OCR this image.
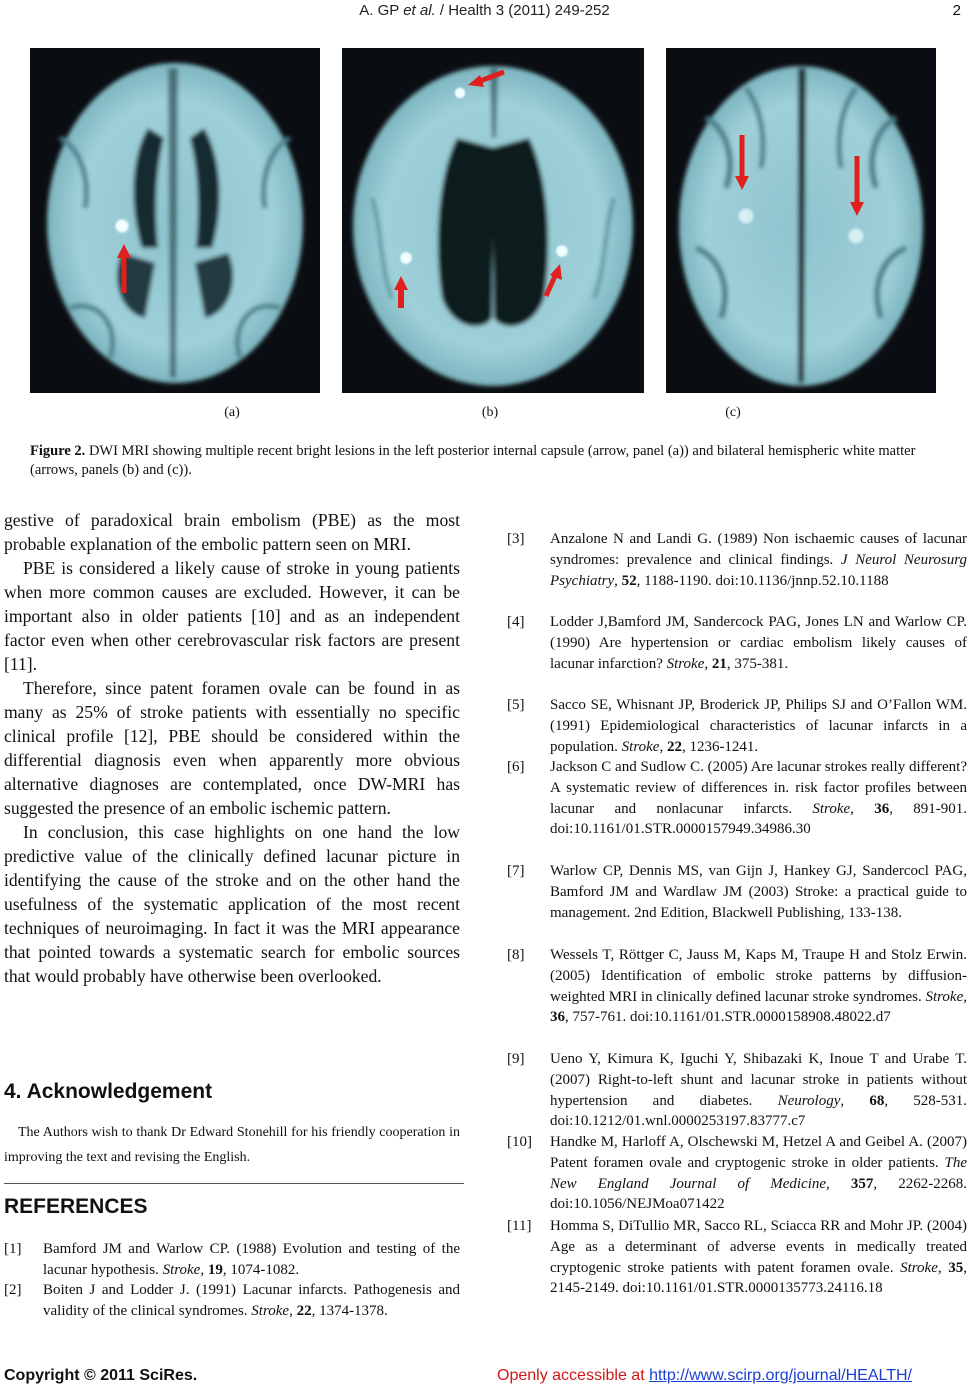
A. GP et al. / Health 3 (2011) 249-252	2
(a)	(b)	(c)
Figure 2. DWI MRI showing multiple recent bright lesions in the left posterior internal capsule (arrow, panel (a)) and bilateral hemispheric white matter (arrows, panels (b) and (c)).

gestive of paradoxical brain embolism (PBE) as the most probable explanation of the embolic pattern seen on MRI.

PBE is considered a likely cause of stroke in young patients when more common causes are excluded. However, it can be important also in older patients [10] and as an independent factor even when other cerebrovascular risk factors are present [11].

Therefore, since patent foramen ovale can be found in as many as 25% of stroke patients with essentially no specific clinical profile [12], PBE should be considered within the differential diagnosis even when apparently more obvious alternative diagnoses are contemplated, once DW-MRI has suggested the presence of an embolic ischemic pattern.

In conclusion, this case highlights on one hand the low predictive value of the clinically defined lacunar picture in identifying the cause of the stroke and on the other hand the usefulness of the systematic application of the most recent techniques of neuroimaging. In fact it was the MRI appearance that pointed towards a systematic search for embolic sources that would probably have otherwise been overlooked.

4. Acknowledgement
The Authors wish to thank Dr Edward Stonehill for his friendly cooperation in improving the text and revising the English.
REFERENCES
[1] Bamford JM and Warlow CP. (1988) Evolution and testing of the lacunar hypothesis. Stroke, 19, 1074-1082.
[2] Boiten J and Lodder J. (1991) Lacunar infarcts. Pathogenesis and validity of the clinical syndromes. Stroke, 22, 1374-1378.
[3] Anzalone N and Landi G. (1989) Non ischaemic causes of lacunar syndromes: prevalence and clinical findings. J Neurol Neurosurg Psychiatry, 52, 1188-1190. doi:10.1136/jnnp.52.10.1188
[4] Lodder J,Bamford JM, Sandercock PAG, Jones LN and Warlow CP. (1990) Are hypertension or cardiac embolism likely causes of lacunar infarction? Stroke, 21, 375-381.
[5] Sacco SE, Whisnant JP, Broderick JP, Philips SJ and O’Fallon WM. (1991) Epidemiological characteristics of lacunar infarcts in a population. Stroke, 22, 1236-1241.
[6] Jackson C and Sudlow C. (2005) Are lacunar strokes really different? A systematic review of differences in. risk factor profiles between lacunar and nonlacunar infarcts. Stroke, 36, 891-901. doi:10.1161/01.STR.0000157949.34986.30
[7] Warlow CP, Dennis MS, van Gijn J, Hankey GJ, Sandercocl PAG, Bamford JM and Wardlaw JM (2003) Stroke: a practical guide to management. 2nd Edition, Blackwell Publishing, 133-138.
[8] Wessels T, Röttger C, Jauss M, Kaps M, Traupe H and Stolz Erwin. (2005) Identification of embolic stroke patterns by diffusion-weighted MRI in clinically defined lacunar stroke syndromes. Stroke, 36, 757-761. doi:10.1161/01.STR.0000158908.48022.d7
[9] Ueno Y, Kimura K, Iguchi Y, Shibazaki K, Inoue T and Urabe T. (2007) Right-to-left shunt and lacunar stroke in patients without hypertension and diabetes. Neurology, 68, 528-531. doi:10.1212/01.wnl.0000253197.83777.c7
[10] Handke M, Harloff A, Olschewski M, Hetzel A and Geibel A. (2007) Patent foramen ovale and cryptogenic stroke in older patients. The New England Journal of Medicine, 357, 2262-2268. doi:10.1056/NEJMoa071422
[11] Homma S, DiTullio MR, Sacco RL, Sciacca RR and Mohr JP. (2004) Age as a determinant of adverse events in medically treated cryptogenic stroke patients with patent foramen ovale. Stroke, 35, 2145-2149. doi:10.1161/01.STR.0000135773.24116.18
Copyright © 2011 SciRes.	Openly accessible at http://www.scirp.org/journal/HEALTH/
